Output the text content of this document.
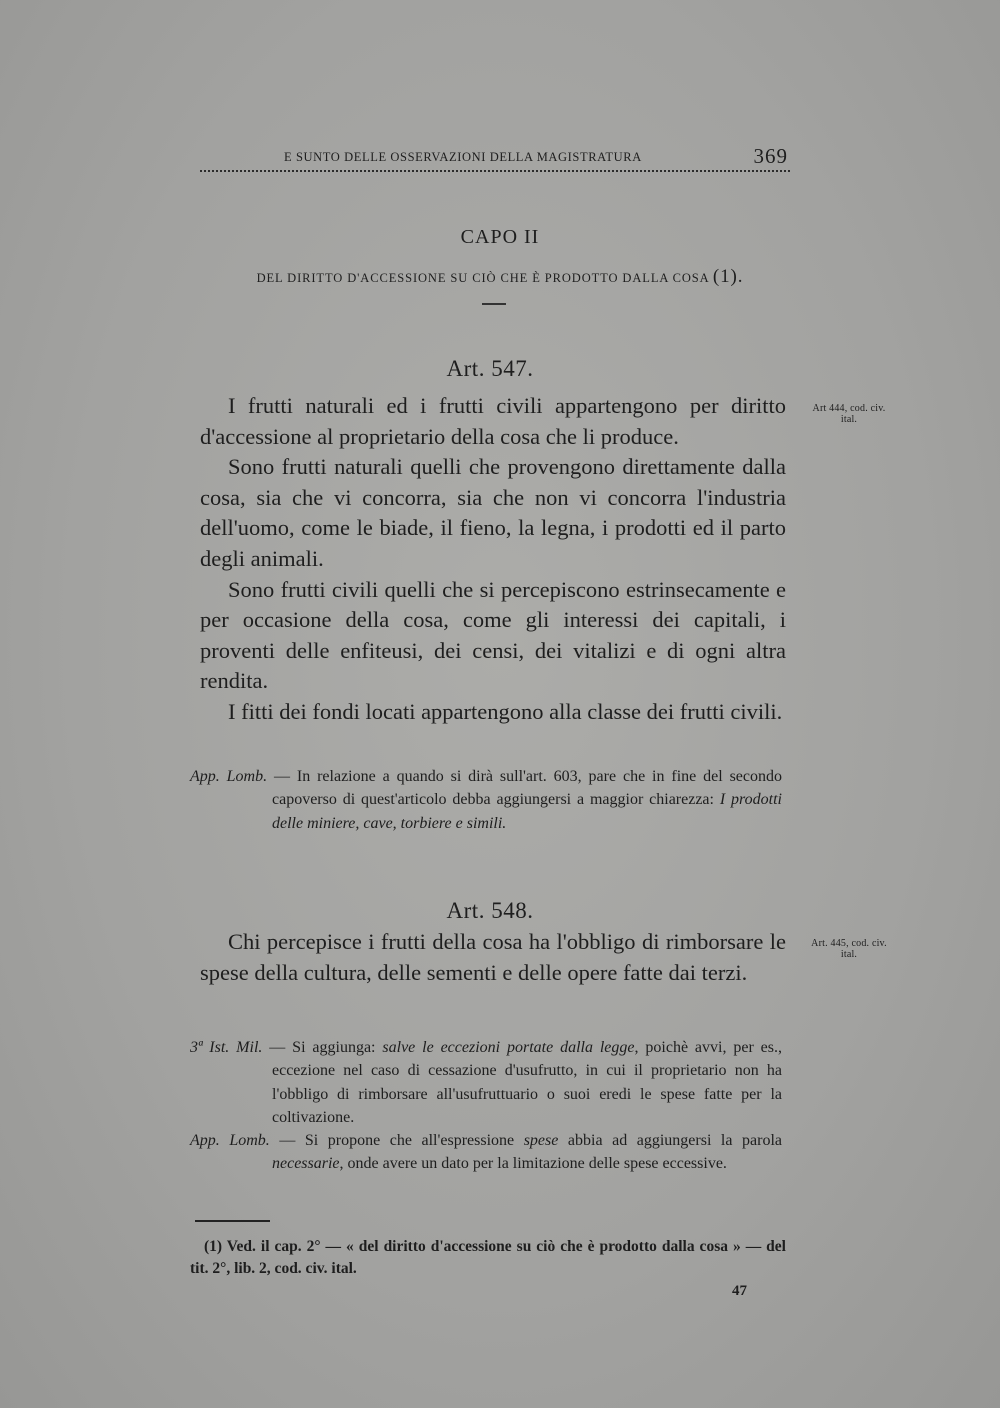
E SUNTO DELLE OSSERVAZIONI DELLA MAGISTRATURA	369
CAPO II
DEL DIRITTO D'ACCESSIONE SU CIÒ CHE È PRODOTTO DALLA COSA (1).
Art. 547.
Art 444, cod. civ.
ital.

I frutti naturali ed i frutti civili appartengono per diritto d'accessione al proprietario della cosa che li produce.

Sono frutti naturali quelli che provengono direttamente dalla cosa, sia che vi concorra, sia che non vi concorra l'industria dell'uomo, come le biade, il fieno, la legna, i prodotti ed il parto degli animali.

Sono frutti civili quelli che si percepiscono estrinsecamente e per occasione della cosa, come gli interessi dei capitali, i proventi delle enfiteusi, dei censi, dei vitalizi e di ogni altra rendita.

I fitti dei fondi locati appartengono alla classe dei frutti civili.

App. Lomb. — In relazione a quando si dirà sull'art. 603, pare che in fine del secondo capoverso di quest'articolo debba aggiungersi a maggior chiarezza: I prodotti delle miniere, cave, torbiere e simili.

Art. 548.
Art. 445, cod. civ.
ital.

Chi percepisce i frutti della cosa ha l'obbligo di rimborsare le spese della cultura, delle sementi e delle opere fatte dai terzi.

3ª Ist. Mil. — Si aggiunga: salve le eccezioni portate dalla legge, poichè avvi, per es., eccezione nel caso di cessazione d'usufrutto, in cui il proprietario non ha l'obbligo di rimborsare all'usufruttuario o suoi eredi le spese fatte per la coltivazione.

App. Lomb. — Si propone che all'espressione spese abbia ad aggiungersi la parola necessarie, onde avere un dato per la limitazione delle spese eccessive.

(1) Ved. il cap. 2° — « del diritto d'accessione su ciò che è prodotto dalla cosa » — del tit. 2°, lib. 2, cod. civ. ital.

47
